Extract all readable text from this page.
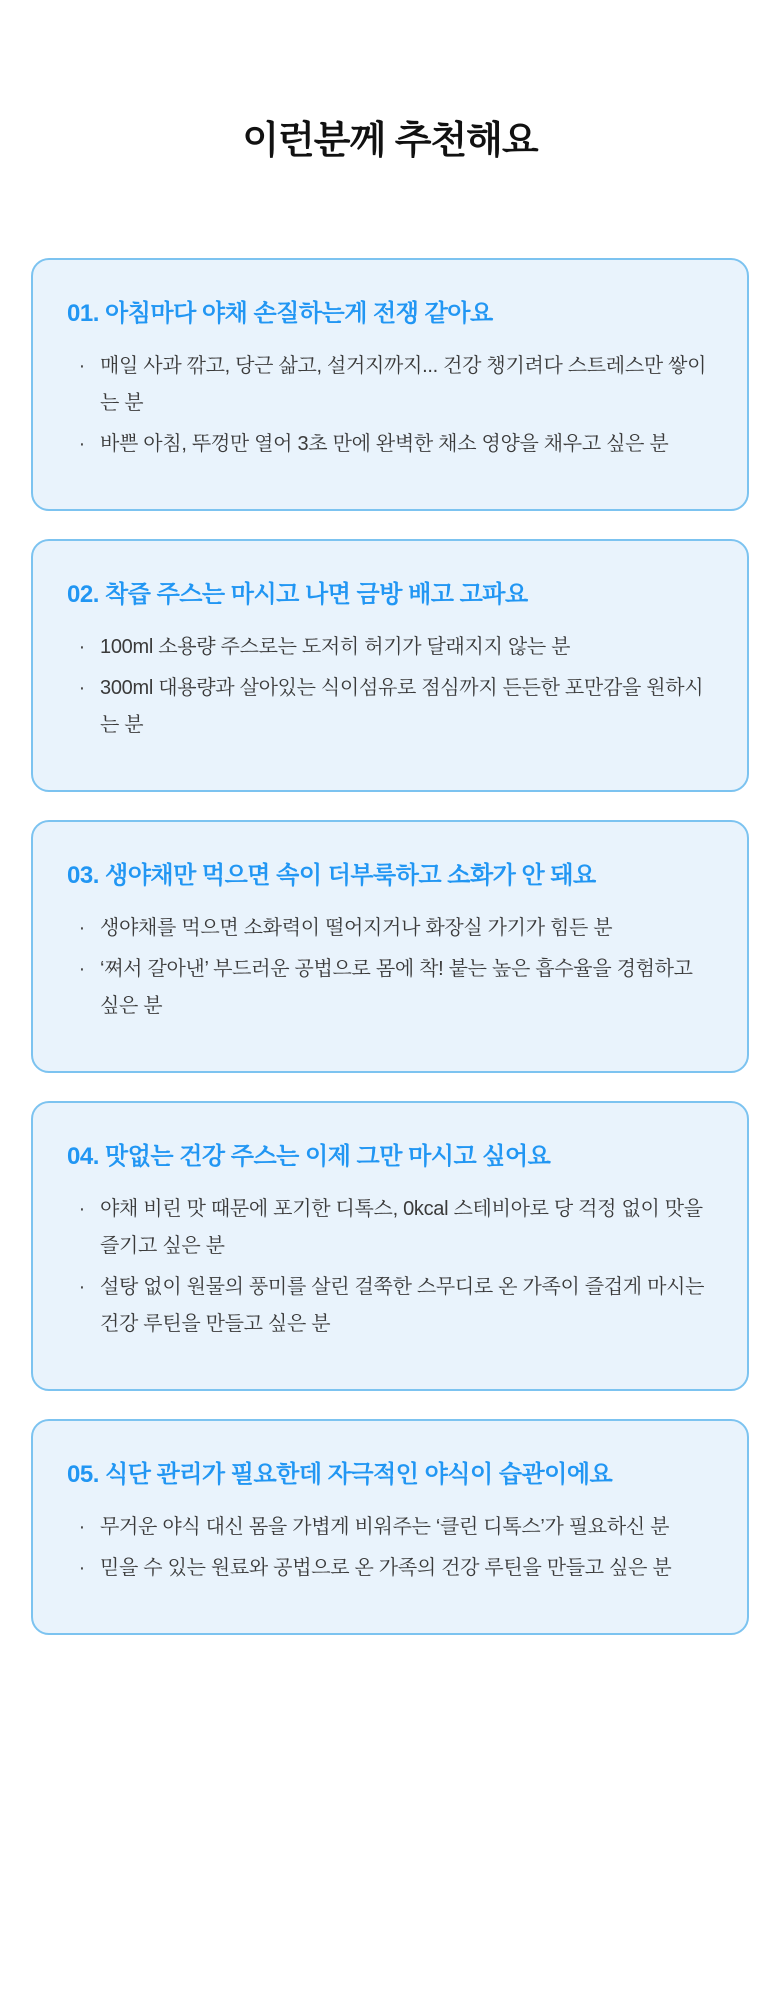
이런분께 추천해요
01. 아침마다 야채 손질하는게 전쟁 같아요
· 매일 사과 깎고, 당근 삶고, 설거지까지... 건강 챙기려다 스트레스만 쌓이는 분
· 바쁜 아침, 뚜껑만 열어 3초 만에 완벽한 채소 영양을 채우고 싶은 분
02. 착즙 주스는 마시고 나면 금방 배고 고파요
· 100ml 소용량 주스로는 도저히 허기가 달래지지 않는 분
· 300ml 대용량과 살아있는 식이섬유로 점심까지 든든한 포만감을 원하시는 분
03. 생야채만 먹으면 속이 더부룩하고 소화가 안 돼요
· 생야채를 먹으면 소화력이 떨어지거나 화장실 가기가 힘든 분
· ‘쪄서 갈아낸’ 부드러운 공법으로 몸에 착! 붙는 높은 흡수율을 경험하고 싶은 분
04. 맛없는 건강 주스는 이제 그만 마시고 싶어요
· 야채 비린 맛 때문에 포기한 디톡스, 0kcal 스테비아로 당 걱정 없이 맛을 즐기고 싶은 분
· 설탕 없이 원물의 풍미를 살린 걸쭉한 스무디로 온 가족이 즐겁게 마시는 건강 루틴을 만들고 싶은 분
05. 식단 관리가 필요한데 자극적인 야식이 습관이에요
· 무거운 야식 대신 몸을 가볍게 비워주는 ‘클린 디톡스’가 필요하신 분
· 믿을 수 있는 원료와 공법으로 온 가족의 건강 루틴을 만들고 싶은 분
